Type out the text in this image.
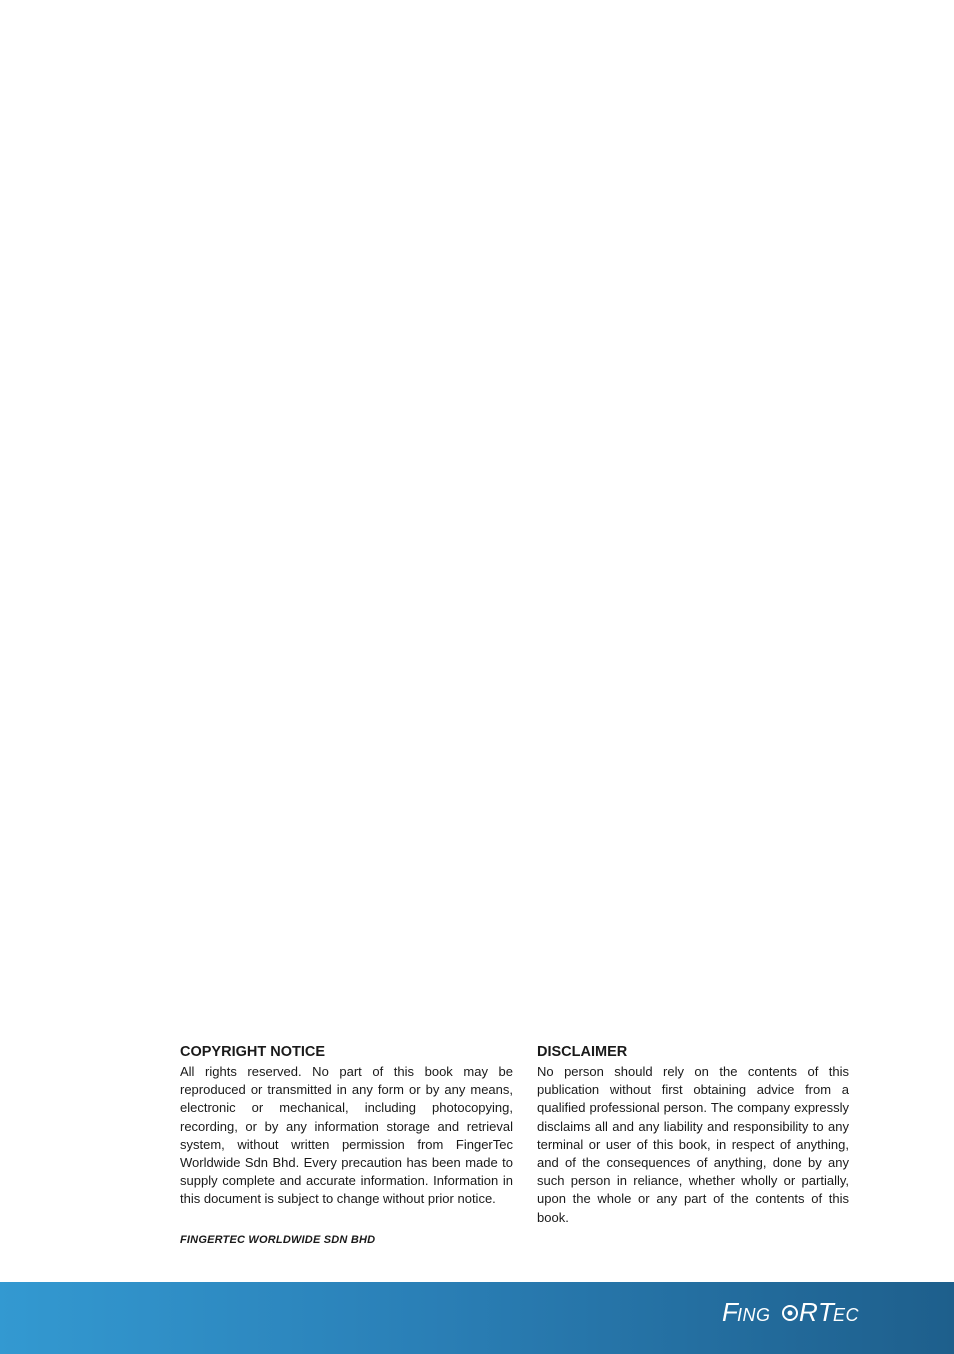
COPYRIGHT NOTICE

All rights reserved. No part of this book may be reproduced or transmitted in any form or by any means, electronic or mechanical, including photocopying, recording, or by any information storage and retrieval system, without written permission from FingerTec Worldwide Sdn Bhd. Every precaution has been made to supply complete and accurate information. Information in this document is subject to change without prior notice.

DISCLAIMER

No person should rely on the contents of this publication without first obtaining advice from a qualified professional person. The company expressly disclaims all and any liability and responsibility to any terminal or user of this book, in respect of anything, and of the consequences of anything, done by any such person in reliance, whether wholly or partially, upon the whole or any part of the contents of this book.

FINGERTEC WORLDWIDE SDN BHD
F
ING R T
EC
